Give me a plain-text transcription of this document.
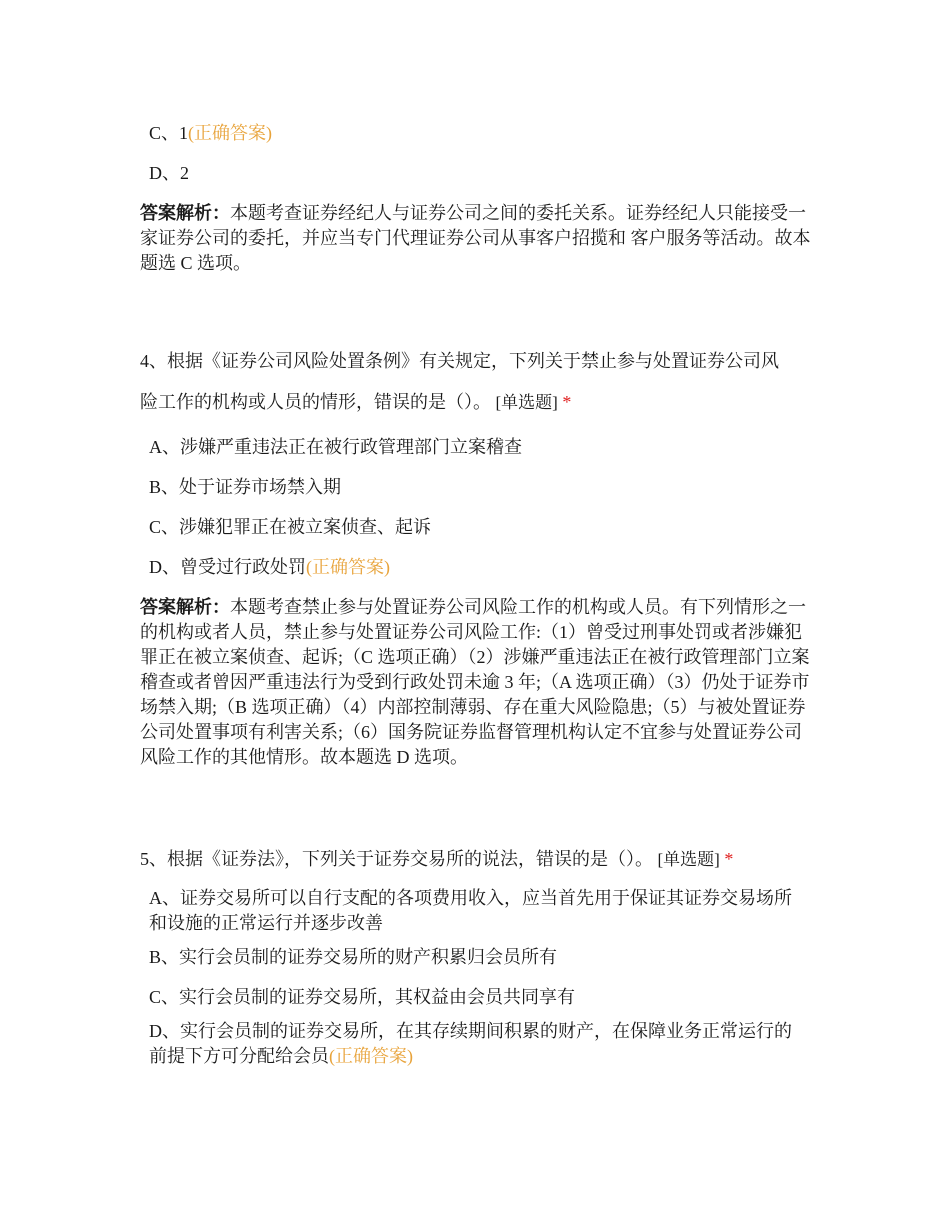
C、1(正确答案)
D、2
答案解析：本题考查证券经纪人与证券公司之间的委托关系。证券经纪人只能接受一家证券公司的委托，并应当专门代理证券公司从事客户招揽和 客户服务等活动。故本题选 C 选项。
4、根据《证券公司风险处置条例》有关规定，下列关于禁止参与处置证券公司风
险工作的机构或人员的情形，错误的是（）。 [单选题] *
A、涉嫌严重违法正在被行政管理部门立案稽查
B、处于证券市场禁入期
C、涉嫌犯罪正在被立案侦查、起诉
D、曾受过行政处罚(正确答案)
答案解析：本题考查禁止参与处置证券公司风险工作的机构或人员。有下列情形之一的机构或者人员，禁止参与处置证券公司风险工作:（1）曾受过刑事处罚或者涉嫌犯罪正在被立案侦查、起诉;（C 选项正确）（2）涉嫌严重违法正在被行政管理部门立案稽查或者曾因严重违法行为受到行政处罚未逾 3 年;（A 选项正确）（3）仍处于证券市场禁入期;（B 选项正确）（4）内部控制薄弱、存在重大风险隐患;（5）与被处置证券公司处置事项有利害关系;（6）国务院证券监督管理机构认定不宜参与处置证券公司风险工作的其他情形。故本题选 D 选项。
5、根据《证券法》，下列关于证券交易所的说法，错误的是（）。 [单选题] *
A、证券交易所可以自行支配的各项费用收入，应当首先用于保证其证券交易场所和设施的正常运行并逐步改善
B、实行会员制的证券交易所的财产积累归会员所有
C、实行会员制的证券交易所，其权益由会员共同享有
D、实行会员制的证券交易所，在其存续期间积累的财产，在保障业务正常运行的前提下方可分配给会员(正确答案)
